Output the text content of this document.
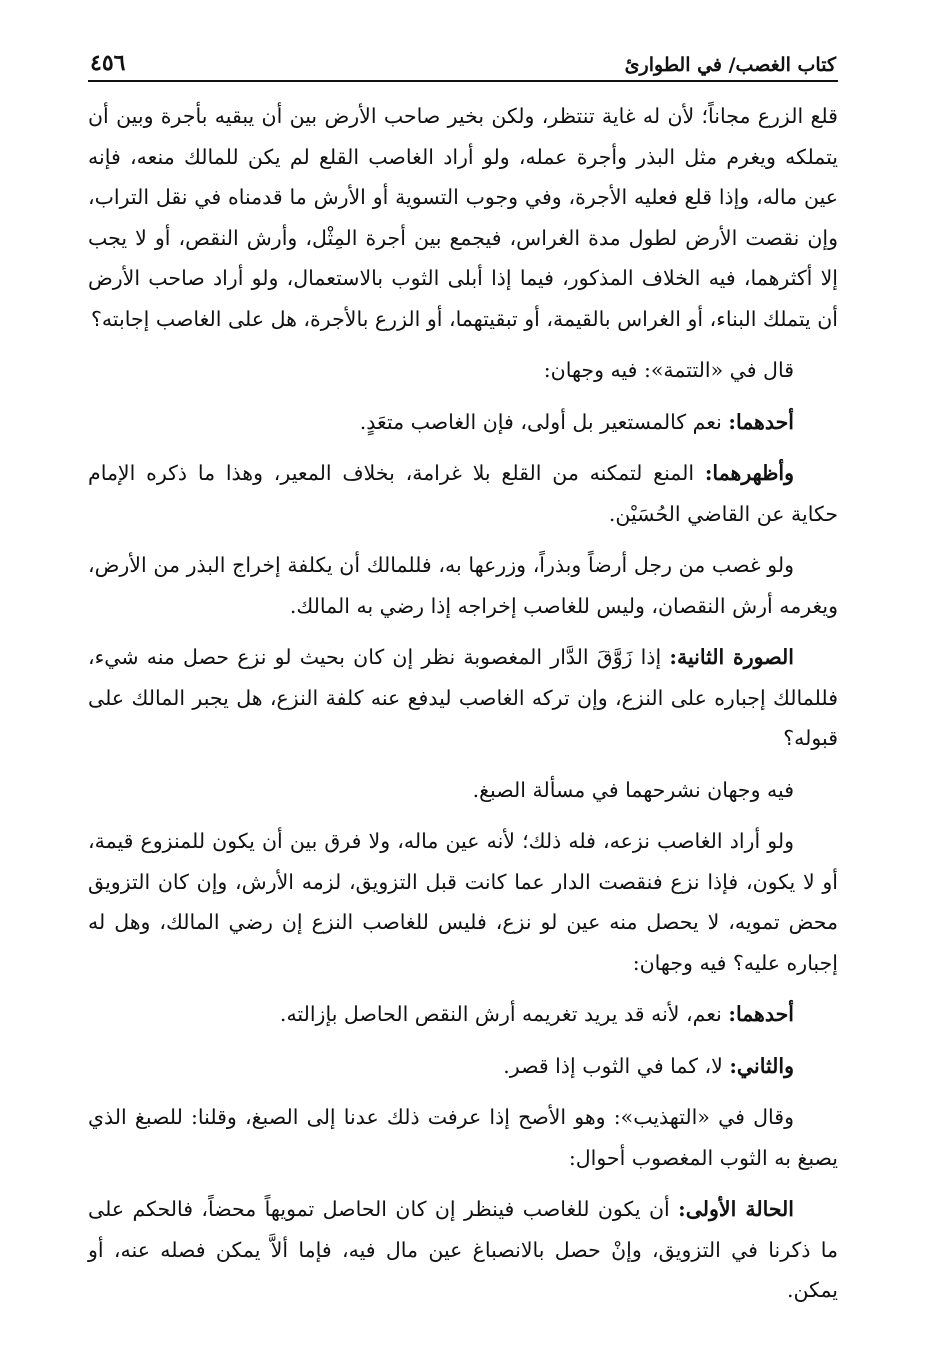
كتاب الغصب/ في الطوارئ
٤٥٦

قلع الزرع مجاناً؛ لأن له غاية تنتظر، ولكن بخير صاحب الأرض بين أن يبقيه بأجرة وبين أن يتملكه ويغرم مثل البذر وأجرة عمله، ولو أراد الغاصب القلع لم يكن للمالك منعه، فإنه عين ماله، وإذا قلع فعليه الأجرة، وفي وجوب التسوية أو الأرش ما قدمناه في نقل التراب، وإن نقصت الأرض لطول مدة الغراس، فيجمع بين أجرة المِثْل، وأرش النقص، أو لا يجب إلا أكثرهما، فيه الخلاف المذكور، فيما إذا أبلى الثوب بالاستعمال، ولو أراد صاحب الأرض أن يتملك البناء، أو الغراس بالقيمة، أو تبقيتهما، أو الزرع بالأجرة، هل على الغاصب إجابته؟

قال في «التتمة»: فيه وجهان:

أحدهما: نعم كالمستعير بل أولى، فإن الغاصب متعَدٍ.

وأظهرهما: المنع لتمكنه من القلع بلا غرامة، بخلاف المعير، وهذا ما ذكره الإمام حكاية عن القاضي الحُسَيْن.

ولو غصب من رجل أرضاً وبذراً، وزرعها به، فللمالك أن يكلفة إخراج البذر من الأرض، ويغرمه أرش النقصان، وليس للغاصب إخراجه إذا رضي به المالك.

الصورة الثانية: إذا زَوَّقَ الدَّار المغصوبة نظر إن كان بحيث لو نزع حصل منه شيء، فللمالك إجباره على النزع، وإن تركه الغاصب ليدفع عنه كلفة النزع، هل يجبر المالك على قبوله؟

فيه وجهان نشرحهما في مسألة الصبغ.

ولو أراد الغاصب نزعه، فله ذلك؛ لأنه عين ماله، ولا فرق بين أن يكون للمنزوع قيمة، أو لا يكون، فإذا نزع فنقصت الدار عما كانت قبل التزويق، لزمه الأرش، وإن كان التزويق محض تمويه، لا يحصل منه عين لو نزع، فليس للغاصب النزع إن رضي المالك، وهل له إجباره عليه؟ فيه وجهان:

أحدهما: نعم، لأنه قد يريد تغريمه أرش النقص الحاصل بإزالته.

والثاني: لا، كما في الثوب إذا قصر.

وقال في «التهذيب»: وهو الأصح إذا عرفت ذلك عدنا إلى الصبغ، وقلنا: للصبغ الذي يصبغ به الثوب المغصوب أحوال:

الحالة الأولى: أن يكون للغاصب فينظر إن كان الحاصل تمويهاً محضاً، فالحكم على ما ذكرنا في التزويق، وإنْ حصل بالانصباغ عين مال فيه، فإما ألاَّ يمكن فصله عنه، أو يمكن.
